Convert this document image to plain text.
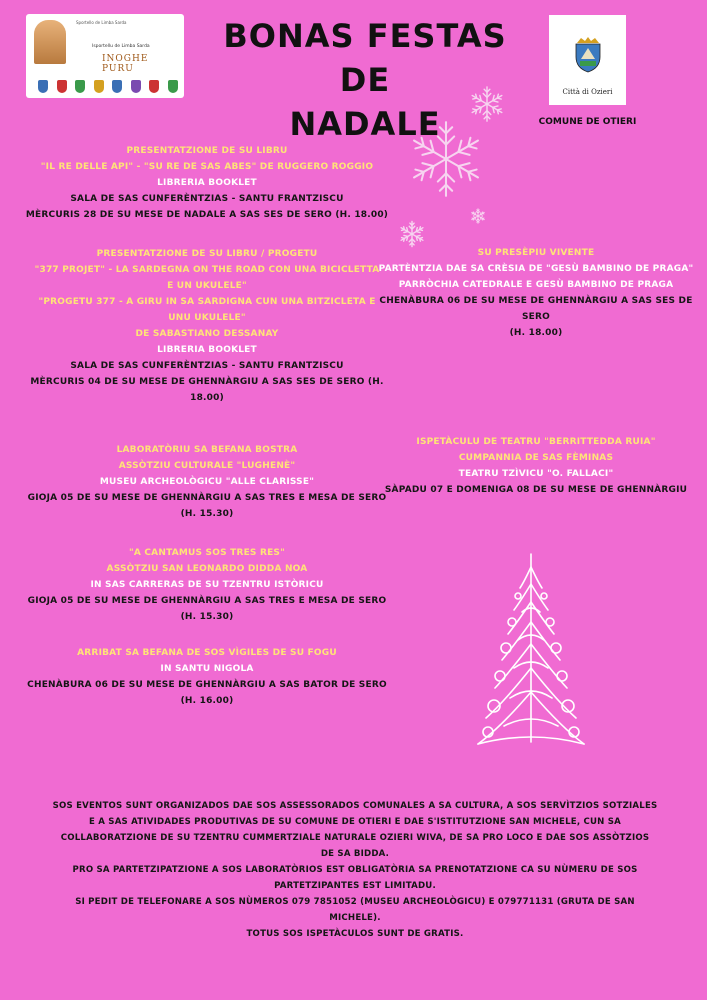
Sportello de Limba Sarda
Isportellu de Limba Sarda
INOGHE PURU
BONAS FESTAS DE
NADALE
Città di Ozieri
COMUNE DE OTIERI
PRESENTATZIONE DE SU LIBRU
"IL RE DELLE API" - "SU RE DE SAS ABES" DE RUGGERO ROGGIO
LIBRERIA BOOKLET
SALA DE SAS CUNFERÈNTZIAS - SANTU FRANTZISCU
MÈRCURIS 28 DE SU MESE DE NADALE A SAS SES DE SERO (H. 18.00)
PRESENTATZIONE DE SU LIBRU / PROGETU
"377 PROJET" - LA SARDEGNA ON THE ROAD CON UNA BICICLETTA
E UN UKULELE"
"PROGETU 377 - A GIRU IN SA SARDIGNA CUN UNA BITZICLETA E
UNU UKULELE"
DE SABASTIANO DESSANAY
LIBRERIA BOOKLET
SALA DE SAS CUNFERÈNTZIAS - SANTU FRANTZISCU
MÈRCURIS 04 DE SU MESE DE GHENNÀRGIU A SAS SES DE SERO (H.
18.00)
LABORATÒRIU SA BEFANA BOSTRA
ASSÒTZIU CULTURALE "LUGHENÈ"
MUSEU ARCHEOLÒGICU "ALLE CLARISSE"
GIOJA 05 DE SU MESE DE GHENNÀRGIU A SAS TRES E MESA DE SERO
(H. 15.30)
"A CANTAMUS SOS TRES RES"
ASSÒTZIU SAN LEONARDO DIDDA NOA
IN SAS CARRERAS DE SU TZENTRU ISTÒRICU
GIOJA 05 DE SU MESE DE GHENNÀRGIU A SAS TRES E MESA DE SERO
(H. 15.30)
ARRIBAT SA BEFANA DE SOS VÌGILES DE SU FOGU
IN SANTU NIGOLA
CHENÀBURA 06 DE SU MESE DE GHENNÀRGIU A SAS BATOR DE SERO
(H. 16.00)
SU PRESÈPIU VIVENTE
PARTÈNTZIA DAE SA CRÈSIA DE "GESÙ BAMBINO DE PRAGA"
PARRÒCHIA CATEDRALE E GESÙ BAMBINO DE PRAGA
CHENÀBURA 06 DE SU MESE DE GHENNÀRGIU A SAS SES DE SERO
(H. 18.00)
ISPETÀCULU DE TEATRU "BERRITTEDDA RUIA"
CUMPANNIA DE SAS FÈMINAS
TEATRU TZÌVICU "O. FALLACI"
SÀPADU 07 E DOMENIGA 08 DE SU MESE DE GHENNÀRGIU
SOS EVENTOS SUNT ORGANIZADOS DAE SOS ASSESSORADOS COMUNALES A SA CULTURA, A SOS SERVÌTZIOS SOTZIALES
E A SAS ATIVIDADES PRODUTIVAS DE SU COMUNE DE OTIERI E DAE S'ISTITUTZIONE SAN MICHELE, CUN SA
COLLABORATZIONE DE SU TZENTRU CUMMERTZIALE NATURALE OZIERI WIVA, DE SA PRO LOCO E DAE SOS ASSÒTZIOS
DE SA BIDDA.
PRO SA PARTETZIPATZIONE A SOS LABORATÒRIOS EST OBLIGATÒRIA SA PRENOTATZIONE CA SU NÙMERU DE SOS
PARTETZIPANTES EST LIMITADU.
SI PEDIT DE TELEFONARE A SOS NÙMEROS 079 7851052 (MUSEU ARCHEOLÒGICU) E 079771131 (GRUTA DE SAN
MICHELE).
TOTUS SOS ISPETÀCULOS SUNT DE GRATIS.
